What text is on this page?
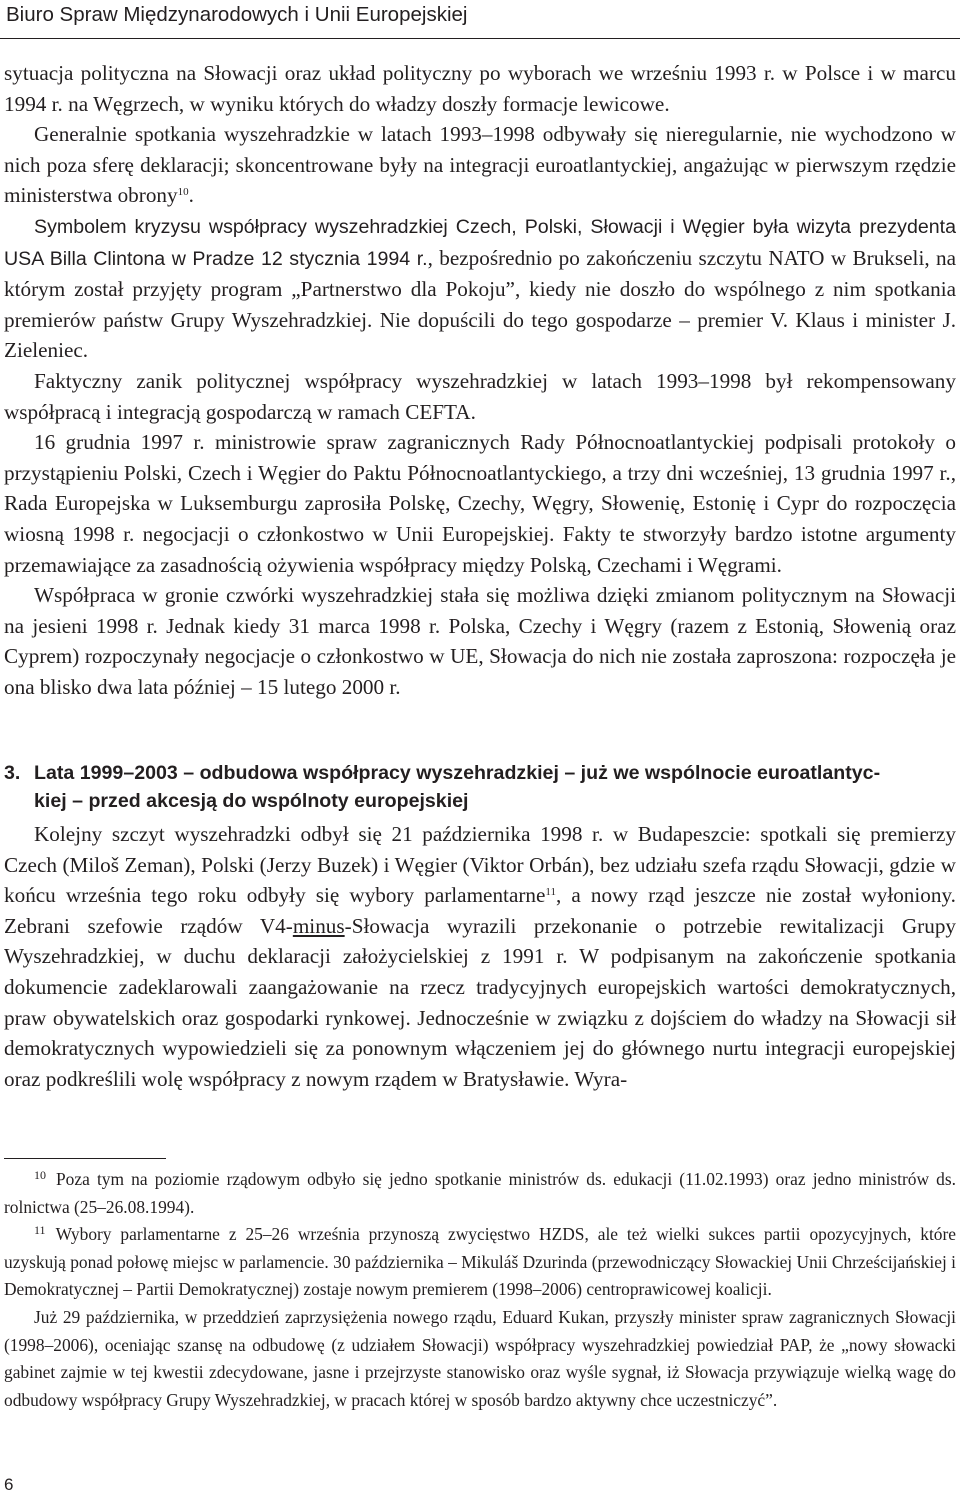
Biuro Spraw Międzynarodowych i Unii Europejskiej

sytuacja polityczna na Słowacji oraz układ polityczny po wyborach we wrześniu 1993 r. w Polsce i w marcu 1994 r. na Węgrzech, w wyniku których do władzy doszły formacje lewicowe.

Generalnie spotkania wyszehradzkie w latach 1993–1998 odbywały się nieregularnie, nie wychodzono w nich poza sferę deklaracji; skoncentrowane były na integracji euroatlantyckiej, angażując w pierwszym rzędzie ministerstwa obrony$^{10}$.

Symbolem kryzysu współpracy wyszehradzkiej Czech, Polski, Słowacji i Węgier była wizyta prezydenta USA Billa Clintona w Pradze 12 stycznia 1994 r., bezpośrednio po zakończeniu szczytu NATO w Brukseli, na którym został przyjęty program „Partnerstwo dla Pokoju”, kiedy nie doszło do wspólnego z nim spotkania premierów państw Grupy Wyszehradzkiej. Nie dopuścili do tego gospodarze – premier V. Klaus i minister J. Zieleniec.

Faktyczny zanik politycznej współpracy wyszehradzkiej w latach 1993–1998 był rekompensowany współpracą i integracją gospodarczą w ramach CEFTA.

16 grudnia 1997 r. ministrowie spraw zagranicznych Rady Północnoatlantyckiej podpisali protokoły o przystąpieniu Polski, Czech i Węgier do Paktu Północnoatlantyckiego, a trzy dni wcześniej, 13 grudnia 1997 r., Rada Europejska w Luksemburgu zaprosiła Polskę, Czechy, Węgry, Słowenię, Estonię i Cypr do rozpoczęcia wiosną 1998 r. negocjacji o członkostwo w Unii Europejskiej. Fakty te stworzyły bardzo istotne argumenty przemawiające za zasadnością ożywienia współpracy między Polską, Czechami i Węgrami.

Współpraca w gronie czwórki wyszehradzkiej stała się możliwa dzięki zmianom politycznym na Słowacji na jesieni 1998 r. Jednak kiedy 31 marca 1998 r. Polska, Czechy i Węgry (razem z Estonią, Słowenią oraz Cyprem) rozpoczynały negocjacje o członkostwo w UE, Słowacja do nich nie została zaproszona: rozpoczęła je ona blisko dwa lata później – 15 lutego 2000 r.

3. Lata 1999–2003 – odbudowa współpracy wyszehradzkiej – już we wspólnocie euroatlantyc-
kiej – przed akcesją do wspólnoty europejskiej

Kolejny szczyt wyszehradzki odbył się 21 października 1998 r. w Budapeszcie: spotkali się premierzy Czech (Miloš Zeman), Polski (Jerzy Buzek) i Węgier (Viktor Orbán), bez udziału szefa rządu Słowacji, gdzie w końcu września tego roku odbyły się wybory parlamentarne$^{11}$, a nowy rząd jeszcze nie został wyłoniony. Zebrani szefowie rządów V4-minus-Słowacja wyrazili przekonanie o potrzebie rewitalizacji Grupy Wyszehradzkiej, w duchu deklaracji założycielskiej z 1991 r. W podpisanym na zakończenie spotkania dokumencie zadeklarowali zaangażowanie na rzecz tradycyjnych europejskich wartości demokratycznych, praw obywatelskich oraz gospodarki rynkowej. Jednocześnie w związku z dojściem do władzy na Słowacji sił demokratycznych wypowiedzieli się za ponownym włączeniem jej do głównego nurtu integracji europejskiej oraz podkreślili wolę współpracy z nowym rządem w Bratysławie. Wyra-

$^{10}$ Poza tym na poziomie rządowym odbyło się jedno spotkanie ministrów ds. edukacji (11.02.1993) oraz jedno ministrów ds. rolnictwa (25–26.08.1994).

$^{11}$ Wybory parlamentarne z 25–26 września przynoszą zwycięstwo HZDS, ale też wielki sukces partii opozycyjnych, które uzyskują ponad połowę miejsc w parlamencie. 30 października – Mikuláš Dzurinda (przewodniczący Słowackiej Unii Chrześcijańskiej i Demokratycznej – Partii Demokratycznej) zostaje nowym premierem (1998–2006) centroprawicowej koalicji.

Już 29 października, w przeddzień zaprzysiężenia nowego rządu, Eduard Kukan, przyszły minister spraw zagranicznych Słowacji (1998–2006), oceniając szansę na odbudowę (z udziałem Słowacji) współpracy wyszehradzkiej powiedział PAP, że „nowy słowacki gabinet zajmie w tej kwestii zdecydowane, jasne i przejrzyste stanowisko oraz wyśle sygnał, iż Słowacja przywiązuje wielką wagę do odbudowy współpracy Grupy Wyszehradzkiej, w pracach której w sposób bardzo aktywny chce uczestniczyć”.

6
